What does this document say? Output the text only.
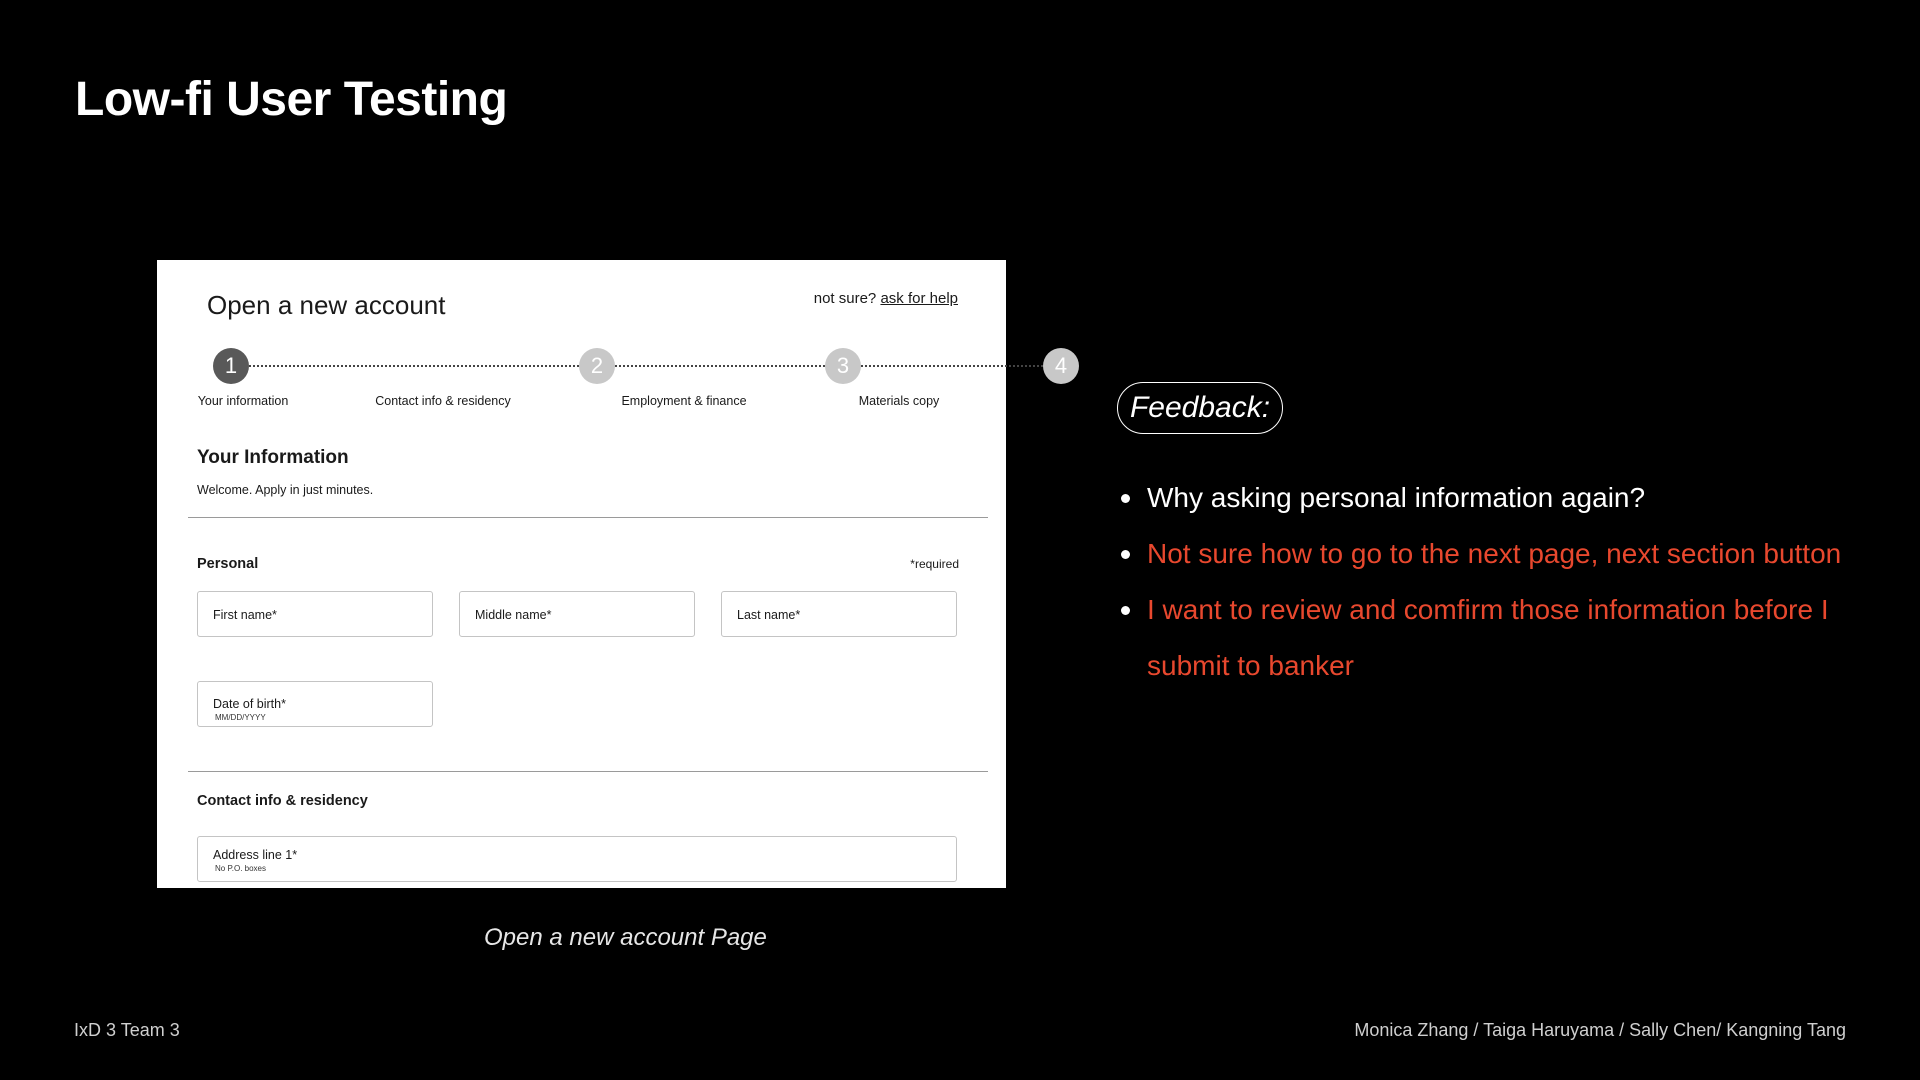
Low-fi User Testing
Open a new account	not sure? ask for help
1	2	3	4
Your information	Contact info & residency	Employment & finance	Materials copy
Your Information
Welcome. Apply in just minutes.
Personal	*required
First name*	Middle name*	Last name*
Date of birth*
MM/DD/YYYY
Contact info & residency
Address line 1*
No P.O. boxes
Open a new account Page
Feedback:
Why asking personal information again?
Not sure how to go to the next page, next section button
I want to review and comfirm those information before I submit to banker
IxD 3 Team 3	Monica Zhang / Taiga Haruyama / Sally Chen/ Kangning Tang
